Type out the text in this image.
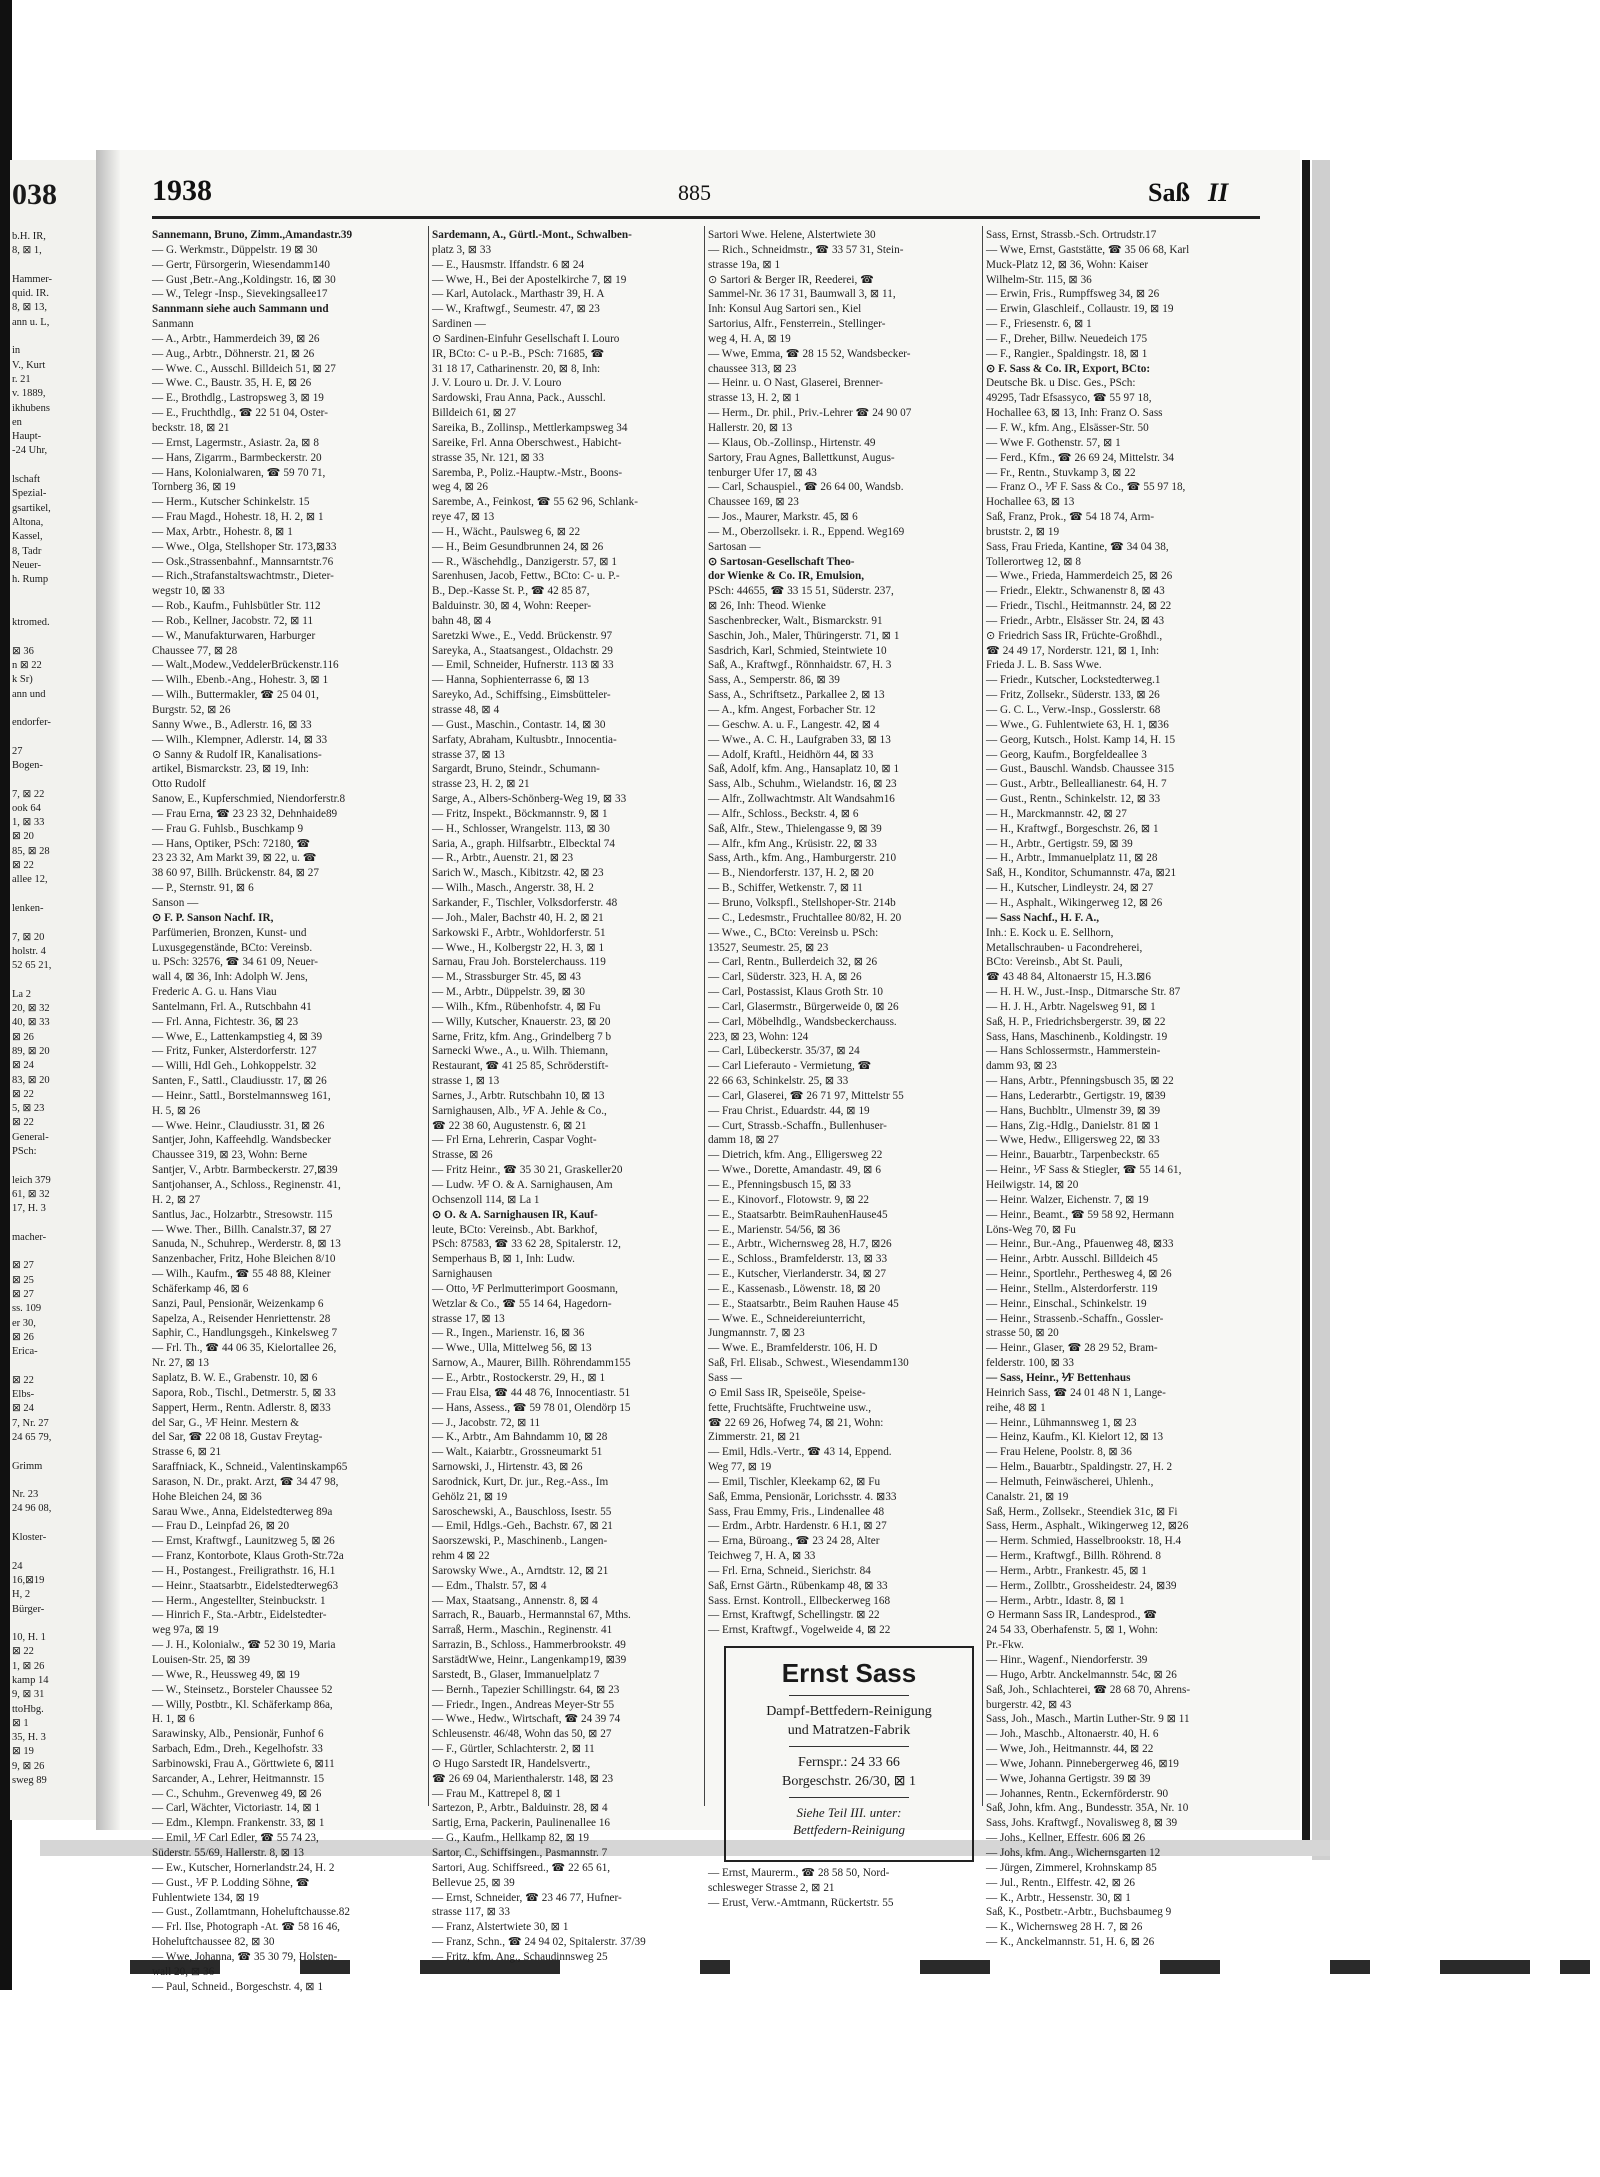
038
b.H. IR,
8, ⊠ 1,
Hammer-
quid. IR.
8, ⊠ 13,
ann u. L,
in
V., Kurt
r. 21
v. 1889,
ikhubens
en
Haupt-
-24 Uhr,
lschaft
Spezial-
gsartikel,
Altona,
Kassel,
8, Tadr
Neuer-
h. Rump
ktromed.
⊠ 36
n ⊠ 22
k Sr)
ann und
endorfer-
27
Bogen-
7, ⊠ 22
ook 64
1, ⊠ 33
⊠ 20
85, ⊠ 28
⊠ 22
allee 12,
lenken-
7, ⊠ 20
holstr. 4
52 65 21,
La 2
20, ⊠ 32
40, ⊠ 33
⊠ 26
89, ⊠ 20
⊠ 24
83, ⊠ 20
⊠ 22
5, ⊠ 23
⊠ 22
General-
PSch:
leich 379
61, ⊠ 32
17, H. 3
macher-
⊠ 27
⊠ 25
⊠ 27
ss. 109
er 30,
⊠ 26
Erica-
⊠ 22
Elbs-
⊠ 24
7, Nr. 27
24 65 79,
Grimm
Nr. 23
24 96 08,
Kloster-
24
16,⊠19
H, 2
Bürger-
10, H. 1
⊠ 22
1, ⊠ 26
kamp 14
9, ⊠ 31
ttoHbg.
⊠ 1
35, H. 3
⊠ 19
9, ⊠ 26
sweg 89
1938	885	Saß II
Sannemann, Bruno, Zimm.,Amandastr.39
— G. Werkmstr., Düppelstr. 19 ⊠ 30
— Gertr, Fürsorgerin, Wiesendamm140
— Gust ,Betr.-Ang.,Koldingstr. 16, ⊠ 30
— W., Telegr -Insp., Sievekingsallee17
Sannmann siehe auch Sammann und
Sanmann
— A., Arbtr., Hammerdeich 39, ⊠ 26
— Aug., Arbtr., Döhnerstr. 21, ⊠ 26
— Wwe. C., Ausschl. Billdeich 51, ⊠ 27
— Wwe. C., Baustr. 35, H. E, ⊠ 26
— E., Brothdlg., Lastropsweg 3, ⊠ 19
— E., Fruchthdlg., ☎ 22 51 04, Oster-
beckstr. 18, ⊠ 21
— Ernst, Lagermstr., Asiastr. 2a, ⊠ 8
— Hans, Zigarrm., Barmbeckerstr. 20
— Hans, Kolonialwaren, ☎ 59 70 71,
Tornberg 36, ⊠ 19
— Herm., Kutscher Schinkelstr. 15
— Frau Magd., Hohestr. 18, H. 2, ⊠ 1
— Max, Arbtr., Hohestr. 8, ⊠ 1
— Wwe., Olga, Stellshoper Str. 173,⊠33
— Osk.,Strassenbahnf., Mannsarntstr.76
— Rich.,Strafanstaltswachtmstr., Dieter-
wegstr 10, ⊠ 33
— Rob., Kaufm., Fuhlsbütler Str. 112
— Rob., Kellner, Jacobstr. 72, ⊠ 11
— W., Manufakturwaren, Harburger
Chaussee 77, ⊠ 28
— Walt.,Modew.,VeddelerBrückenstr.116
— Wilh., Ebenb.-Ang., Hohestr. 3, ⊠ 1
— Wilh., Buttermakler, ☎ 25 04 01,
Burgstr. 52, ⊠ 26
Sanny Wwe., B., Adlerstr. 16, ⊠ 33
— Wilh., Klempner, Adlerstr. 14, ⊠ 33
⊙ Sanny & Rudolf IR, Kanalisations-
artikel, Bismarckstr. 23, ⊠ 19, Inh:
Otto Rudolf
Sanow, E., Kupferschmied, Niendorferstr.8
— Frau Erna, ☎ 23 23 32, Dehnhaide89
— Frau G. Fuhlsb., Buschkamp 9
— Hans, Optiker, PSch: 72180, ☎
23 23 32, Am Markt 39, ⊠ 22, u. ☎
38 60 97, Billh. Brückenstr. 84, ⊠ 27
— P., Sternstr. 91, ⊠ 6
Sanson —
⊙ F. P. Sanson Nachf. IR,
Parfümerien, Bronzen, Kunst- und
Luxusgegenstände, BCto: Vereinsb.
u. PSch: 32576, ☎ 34 61 09, Neuer-
wall 4, ⊠ 36, Inh: Adolph W. Jens,
Frederic A. G. u. Hans Viau
Santelmann, Frl. A., Rutschbahn 41
— Frl. Anna, Fichtestr. 36, ⊠ 23
— Wwe, E., Lattenkampstieg 4, ⊠ 39
— Fritz, Funker, Alsterdorferstr. 127
— Willi, Hdl Geh., Lohkoppelstr. 32
Santen, F., Sattl., Claudiusstr. 17, ⊠ 26
— Heinr., Sattl., Borstelmannsweg 161,
H. 5, ⊠ 26
— Wwe. Heinr., Claudiusstr. 31, ⊠ 26
Santjer, John, Kaffeehdlg. Wandsbecker
Chaussee 319, ⊠ 23, Wohn: Berne
Santjer, V., Arbtr. Barmbeckerstr. 27,⊠39
Santjohanser, A., Schloss., Reginenstr. 41,
H. 2, ⊠ 27
Santlus, Jac., Holzarbtr., Stresowstr. 115
— Wwe. Ther., Billh. Canalstr.37, ⊠ 27
Sanuda, N., Schuhrep., Werderstr. 8, ⊠ 13
Sanzenbacher, Fritz, Hohe Bleichen 8/10
— Wilh., Kaufm., ☎ 55 48 88, Kleiner
Schäferkamp 46, ⊠ 6
Sanzi, Paul, Pensionär, Weizenkamp 6
Sapelza, A., Reisender Henriettenstr. 28
Saphir, C., Handlungsgeh., Kinkelsweg 7
— Frl. Th., ☎ 44 06 35, Kielortallee 26,
Nr. 27, ⊠ 13
Saplatz, B. W. E., Grabenstr. 10, ⊠ 6
Sapora, Rob., Tischl., Detmerstr. 5, ⊠ 33
Sappert, Herm., Rentn. Adlerstr. 8, ⊠33
del Sar, G., ⅟F Heinr. Mestern &
del Sar, ☎ 22 08 18, Gustav Freytag-
Strasse 6, ⊠ 21
Saraffniack, K., Schneid., Valentinskamp65
Sarason, N. Dr., prakt. Arzt, ☎ 34 47 98,
Hohe Bleichen 24, ⊠ 36
Sarau Wwe., Anna, Eidelstedterweg 89a
— Frau D., Leinpfad 26, ⊠ 20
— Ernst, Kraftwgf., Launitzweg 5, ⊠ 26
— Franz, Kontorbote, Klaus Groth-Str.72a
— H., Postangest., Freiligrathstr. 16, H.1
— Heinr., Staatsarbtr., Eidelstedterweg63
— Herm., Angestellter, Steinbuckstr. 1
— Hinrich F., Sta.-Arbtr., Eidelstedter-
weg 97a, ⊠ 19
— J. H., Kolonialw., ☎ 52 30 19, Maria
Louisen-Str. 25, ⊠ 39
— Wwe, R., Heussweg 49, ⊠ 19
— W., Steinsetz., Borsteler Chaussee 52
— Willy, Postbtr., Kl. Schäferkamp 86a,
H. 1, ⊠ 6
Sarawinsky, Alb., Pensionär, Funhof 6
Sarbach, Edm., Dreh., Kegelhofstr. 33
Sarbinowski, Frau A., Görttwiete 6, ⊠11
Sarcander, A., Lehrer, Heitmannstr. 15
— C., Schuhm., Grevenweg 49, ⊠ 26
— Carl, Wächter, Victoriastr. 14, ⊠ 1
— Edm., Klempn. Frankenstr. 33, ⊠ 1
— Emil, ⅟F Carl Edler, ☎ 55 74 23,
Süderstr. 55/69, Hallerstr. 8, ⊠ 13
— Ew., Kutscher, Hornerlandstr.24, H. 2
— Gust., ⅟F P. Lodding Söhne, ☎
Fuhlentwiete 134, ⊠ 19
— Gust., Zollamtmann, Hoheluftchausse.82
— Frl. Ilse, Photograph -At. ☎ 58 16 46,
Hoheluftchaussee 82, ⊠ 30
— Wwe, Johanna, ☎ 35 30 79, Holsten-
wall 20, ⊠ 36
— Paul, Schneid., Borgeschstr. 4, ⊠ 1
Sardemann, A., Gürtl.-Mont., Schwalben-
platz 3, ⊠ 33
— E., Hausmstr. Iffandstr. 6 ⊠ 24
— Wwe, H., Bei der Apostelkirche 7, ⊠ 19
— Karl, Autolack., Marthastr 39, H. A
— W., Kraftwgf., Seumestr. 47, ⊠ 23
Sardinen —
⊙ Sardinen-Einfuhr Gesellschaft I. Louro
IR, BCto: C- u P.-B., PSch: 71685, ☎
31 18 17, Catharinenstr. 20, ⊠ 8, Inh:
J. V. Louro u. Dr. J. V. Louro
Sardowski, Frau Anna, Pack., Ausschl.
Billdeich 61, ⊠ 27
Sareika, B., Zollinsp., Mettlerkampsweg 34
Sareike, Frl. Anna Oberschwest., Habicht-
strasse 35, Nr. 121, ⊠ 33
Saremba, P., Poliz.-Hauptw.-Mstr., Boons-
weg 4, ⊠ 26
Sarembe, A., Feinkost, ☎ 55 62 96, Schlank-
reye 47, ⊠ 13
— H., Wächt., Paulsweg 6, ⊠ 22
— H., Beim Gesundbrunnen 24, ⊠ 26
— R., Wäschehdlg., Danzigerstr. 57, ⊠ 1
Sarenhusen, Jacob, Fettw., BCto: C- u. P.-
B., Dep.-Kasse St. P., ☎ 42 85 87,
Balduinstr. 30, ⊠ 4, Wohn: Reeper-
bahn 48, ⊠ 4
Saretzki Wwe., E., Vedd. Brückenstr. 97
Sareyka, A., Staatsangest., Oldachstr. 29
— Emil, Schneider, Hufnerstr. 113 ⊠ 33
— Hanna, Sophienterrasse 6, ⊠ 13
Sareyko, Ad., Schiffsing., Eimsbütteler-
strasse 48, ⊠ 4
— Gust., Maschin., Contastr. 14, ⊠ 30
Sarfaty, Abraham, Kultusbtr., Innocentia-
strasse 37, ⊠ 13
Sargardt, Bruno, Steindr., Schumann-
strasse 23, H. 2, ⊠ 21
Sarge, A., Albers-Schönberg-Weg 19, ⊠ 33
— Fritz, Inspekt., Böckmannstr. 9, ⊠ 1
— H., Schlosser, Wrangelstr. 113, ⊠ 30
Saria, A., graph. Hilfsarbtr., Elbecktal 74
— R., Arbtr., Auenstr. 21, ⊠ 23
Sarich W., Masch., Kibitzstr. 42, ⊠ 23
— Wilh., Masch., Angerstr. 38, H. 2
Sarkander, F., Tischler, Volksdorferstr. 48
— Joh., Maler, Bachstr 40, H. 2, ⊠ 21
Sarkowski F., Arbtr., Wohldorferstr. 51
— Wwe., H., Kolbergstr 22, H. 3, ⊠ 1
Sarnau, Frau Joh. Borstelerchauss. 119
— M., Strassburger Str. 45, ⊠ 43
— M., Arbtr., Düppelstr. 39, ⊠ 30
— Wilh., Kfm., Rübenhofstr. 4, ⊠ Fu
— Willy, Kutscher, Knauerstr. 23, ⊠ 20
Sarne, Fritz, kfm. Ang., Grindelberg 7 b
Sarnecki Wwe., A., u. Wilh. Thiemann,
Restaurant, ☎ 41 25 85, Schröderstift-
strasse 1, ⊠ 13
Sarnes, J., Arbtr. Rutschbahn 10, ⊠ 13
Sarnighausen, Alb., ⅟F A. Jehle & Co.,
☎ 22 38 60, Augustenstr. 6, ⊠ 21
— Frl Erna, Lehrerin, Caspar Voght-
Strasse, ⊠ 26
— Fritz Heinr., ☎ 35 30 21, Graskeller20
— Ludw. ⅟F O. & A. Sarnighausen, Am
Ochsenzoll 114, ⊠ La 1
⊙ O. & A. Sarnighausen IR, Kauf-
leute, BCto: Vereinsb., Abt. Barkhof,
PSch: 87583, ☎ 33 62 28, Spitalerstr. 12,
Semperhaus B, ⊠ 1, Inh: Ludw.
Sarnighausen
— Otto, ⅟F Perlmutterimport Goosmann,
Wetzlar & Co., ☎ 55 14 64, Hagedorn-
strasse 17, ⊠ 13
— R., Ingen., Marienstr. 16, ⊠ 36
— Wwe., Ulla, Mittelweg 56, ⊠ 13
Sarnow, A., Maurer, Billh. Röhrendamm155
— E., Arbtr., Rostockerstr. 29, H., ⊠ 1
— Frau Elsa, ☎ 44 48 76, Innocentiastr. 51
— Hans, Assess., ☎ 59 78 01, Olendörp 15
— J., Jacobstr. 72, ⊠ 11
— K., Arbtr., Am Bahndamm 10, ⊠ 28
— Walt., Kaiarbtr., Grossneumarkt 51
Sarnowski, J., Hirtenstr. 43, ⊠ 26
Sarodnick, Kurt, Dr. jur., Reg.-Ass., Im
Gehölz 21, ⊠ 19
Saroschewski, A., Bauschloss, Isestr. 55
— Emil, Hdlgs.-Geh., Bachstr. 67, ⊠ 21
Saorszewski, P., Maschinenb., Langen-
rehm 4 ⊠ 22
Sarowsky Wwe., A., Arndtstr. 12, ⊠ 21
— Edm., Thalstr. 57, ⊠ 4
— Max, Staatsang., Annenstr. 8, ⊠ 4
Sarrach, R., Bauarb., Hermannstal 67, Mths.
Sarraß, Herm., Maschin., Reginenstr. 41
Sarrazin, B., Schloss., Hammerbrookstr. 49
SarstädtWwe, Heinr., Langenkamp19, ⊠39
Sarstedt, B., Glaser, Immanuelplatz 7
— Bernh., Tapezier Schillingstr. 64, ⊠ 23
— Friedr., Ingen., Andreas Meyer-Str 55
— Wwe., Hedw., Wirtschaft, ☎ 24 39 74
Schleusenstr. 46/48, Wohn das 50, ⊠ 27
— F., Gürtler, Schlachterstr. 2, ⊠ 11
⊙ Hugo Sarstedt IR, Handelsvertr.,
☎ 26 69 04, Marienthalerstr. 148, ⊠ 23
— Frau M., Kattrepel 8, ⊠ 1
Sartezon, P., Arbtr., Balduinstr. 28, ⊠ 4
Sartig, Erna, Packerin, Paulinenallee 16
— G., Kaufm., Hellkamp 82, ⊠ 19
Sartor, C., Schiffsingen., Pasmannstr. 7
Sartori, Aug. Schiffsreed., ☎ 22 65 61,
Bellevue 25, ⊠ 39
— Ernst, Schneider, ☎ 23 46 77, Hufner-
strasse 117, ⊠ 33
— Franz, Alstertwiete 30, ⊠ 1
— Franz, Schn., ☎ 24 94 02, Spitalerstr. 37/39
— Fritz, kfm. Ang., Schaudinnsweg 25
Sartori Wwe. Helene, Alstertwiete 30
— Rich., Schneidmstr., ☎ 33 57 31, Stein-
strasse 19a, ⊠ 1
⊙ Sartori & Berger IR, Reederei, ☎
Sammel-Nr. 36 17 31, Baumwall 3, ⊠ 11,
Inh: Konsul Aug Sartori sen., Kiel
Sartorius, Alfr., Fensterrein., Stellinger-
weg 4, H. A, ⊠ 19
— Wwe, Emma, ☎ 28 15 52, Wandsbecker-
chaussee 313, ⊠ 23
— Heinr. u. O Nast, Glaserei, Brenner-
strasse 13, H. 2, ⊠ 1
— Herm., Dr. phil., Priv.-Lehrer ☎ 24 90 07
Hallerstr. 20, ⊠ 13
— Klaus, Ob.-Zollinsp., Hirtenstr. 49
Sartory, Frau Agnes, Ballettkunst, Augus-
tenburger Ufer 17, ⊠ 43
— Carl, Schauspiel., ☎ 26 64 00, Wandsb.
Chaussee 169, ⊠ 23
— Jos., Maurer, Markstr. 45, ⊠ 6
— M., Oberzollsekr. i. R., Eppend. Weg169
Sartosan —
⊙ Sartosan-Gesellschaft Theo-
dor Wienke & Co. IR, Emulsion,
PSch: 44655, ☎ 33 15 51, Süderstr. 237,
⊠ 26, Inh: Theod. Wienke
Saschenbrecker, Walt., Bismarckstr. 91
Saschin, Joh., Maler, Thüringerstr. 71, ⊠ 1
Sasdrich, Karl, Schmied, Steintwiete 10
Saß, A., Kraftwgf., Rönnhaidstr. 67, H. 3
Sass, A., Semperstr. 86, ⊠ 39
Sass, A., Schriftsetz., Parkallee 2, ⊠ 13
— A., kfm. Angest, Forbacher Str. 12
— Geschw. A. u. F., Langestr. 42, ⊠ 4
— Wwe., A. C. H., Laufgraben 33, ⊠ 13
— Adolf, Kraftl., Heidhörn 44, ⊠ 33
Saß, Adolf, kfm. Ang., Hansaplatz 10, ⊠ 1
Sass, Alb., Schuhm., Wielandstr. 16, ⊠ 23
— Alfr., Zollwachtmstr. Alt Wandsahm16
— Alfr., Schloss., Beckstr. 4, ⊠ 6
Saß, Alfr., Stew., Thielengasse 9, ⊠ 39
— Alfr., kfm Ang., Krüsistr. 22, ⊠ 33
Sass, Arth., kfm. Ang., Hamburgerstr. 210
— B., Niendorferstr. 137, H. 2, ⊠ 20
— B., Schiffer, Wetkenstr. 7, ⊠ 11
— Bruno, Volkspfl., Stellshoper-Str. 214b
— C., Ledesmstr., Fruchtallee 80/82, H. 20
— Wwe., C., BCto: Vereinsb u. PSch:
13527, Seumestr. 25, ⊠ 23
— Carl, Rentn., Bullerdeich 32, ⊠ 26
— Carl, Süderstr. 323, H. A, ⊠ 26
— Carl, Postassist, Klaus Groth Str. 10
— Carl, Glasermstr., Bürgerweide 0, ⊠ 26
— Carl, Möbelhdlg., Wandsbeckerchauss.
223, ⊠ 23, Wohn: 124
— Carl, Lübeckerstr. 35/37, ⊠ 24
— Carl Lieferauto - Vermietung, ☎
22 66 63, Schinkelstr. 25, ⊠ 33
— Carl, Glaserei, ☎ 26 71 97, Mittelstr 55
— Frau Christ., Eduardstr. 44, ⊠ 19
— Curt, Strassb.-Schaffn., Bullenhuser-
damm 18, ⊠ 27
— Dietrich, kfm. Ang., Elligersweg 22
— Wwe., Dorette, Amandastr. 49, ⊠ 6
— E., Pfenningsbusch 15, ⊠ 33
— E., Kinovorf., Flotowstr. 9, ⊠ 22
— E., Staatsarbtr. BeimRauhenHause45
— E., Marienstr. 54/56, ⊠ 36
— E., Arbtr., Wichernsweg 28, H.7, ⊠26
— E., Schloss., Bramfelderstr. 13, ⊠ 33
— E., Kutscher, Vierlanderstr. 34, ⊠ 27
— E., Kassenasb., Löwenstr. 18, ⊠ 20
— E., Staatsarbtr., Beim Rauhen Hause 45
— Wwe. E., Schneidereiunterricht,
Jungmannstr. 7, ⊠ 23
— Wwe. E., Bramfelderstr. 106, H. D
Saß, Frl. Elisab., Schwest., Wiesendamm130
Sass —
⊙ Emil Sass IR, Speiseöle, Speise-
fette, Fruchtsäfte, Fruchtweine usw.,
☎ 22 69 26, Hofweg 74, ⊠ 21, Wohn:
Zimmerstr. 21, ⊠ 21
— Emil, Hdls.-Vertr., ☎ 43 14, Eppend.
Weg 77, ⊠ 19
— Emil, Tischler, Kleekamp 62, ⊠ Fu
Saß, Emma, Pensionär, Lorichsstr. 4. ⊠33
Sass, Frau Emmy, Fris., Lindenallee 48
— Erdm., Arbtr. Hardenstr. 6 H.1, ⊠ 27
— Erna, Büroang., ☎ 23 24 28, Alter
Teichweg 7, H. A, ⊠ 33
— Frl. Erna, Schneid., Sierichstr. 84
Saß, Ernst Gärtn., Rübenkamp 48, ⊠ 33
Sass. Ernst. Kontroll., Ellbeckerweg 168
— Ernst, Kraftwgf, Schellingstr. ⊠ 22
— Ernst, Kraftwgf., Vogelweide 4, ⊠ 22
Sass, Ernst, Strassb.-Sch. Ortrudstr.17
— Wwe, Ernst, Gaststätte, ☎ 35 06 68, Karl
Muck-Platz 12, ⊠ 36, Wohn: Kaiser
Wilhelm-Str. 115, ⊠ 36
— Erwin, Fris., Rumpffsweg 34, ⊠ 26
— Erwin, Glaschleif., Collaustr. 19, ⊠ 19
— F., Friesenstr. 6, ⊠ 1
— F., Dreher, Billw. Neuedeich 175
— F., Rangier., Spaldingstr. 18, ⊠ 1
⊙ F. Sass & Co. IR, Export, BCto:
Deutsche Bk. u Disc. Ges., PSch:
49295, Tadr Efsassyco, ☎ 55 97 18,
Hochallee 63, ⊠ 13, Inh: Franz O. Sass
— F. W., kfm. Ang., Elsässer-Str. 50
— Wwe F. Gothenstr. 57, ⊠ 1
— Ferd., Kfm., ☎ 26 69 24, Mittelstr. 34
— Fr., Rentn., Stuvkamp 3, ⊠ 22
— Franz O., ⅟F F. Sass & Co., ☎ 55 97 18,
Hochallee 63, ⊠ 13
Saß, Franz, Prok., ☎ 54 18 74, Arm-
bruststr. 2, ⊠ 19
Sass, Frau Frieda, Kantine, ☎ 34 04 38,
Tollerortweg 12, ⊠ 8
— Wwe., Frieda, Hammerdeich 25, ⊠ 26
— Friedr., Elektr., Schwanenstr 8, ⊠ 43
— Friedr., Tischl., Heitmannstr. 24, ⊠ 22
— Friedr., Arbtr., Elsässer Str. 24, ⊠ 43
⊙ Friedrich Sass IR, Früchte-Großhdl.,
☎ 24 49 17, Norderstr. 121, ⊠ 1, Inh:
Frieda J. L. B. Sass Wwe.
— Friedr., Kutscher, Lockstedterweg.1
— Fritz, Zollsekr., Süderstr. 133, ⊠ 26
— G. C. L., Verw.-Insp., Gosslerstr. 68
— Wwe., G. Fuhlentwiete 63, H. 1, ⊠36
— Georg, Kutsch., Holst. Kamp 14, H. 15
— Georg, Kaufm., Borgfeldeallee 3
— Gust., Bauschl. Wandsb. Chaussee 315
— Gust., Arbtr., Belleallianestr. 64, H. 7
— Gust., Rentn., Schinkelstr. 12, ⊠ 33
— H., Marckmannstr. 42, ⊠ 27
— H., Kraftwgf., Borgeschstr. 26, ⊠ 1
— H., Arbtr., Gertigstr. 59, ⊠ 39
— H., Arbtr., Immanuelplatz 11, ⊠ 28
Saß, H., Konditor, Schumannstr. 47a, ⊠21
— H., Kutscher, Lindleystr. 24, ⊠ 27
— H., Asphalt., Wikingerweg 12, ⊠ 26
— Sass Nachf., H. F. A.,
Inh.: E. Kock u. E. Sellhorn,
Metallschrauben- u Facondreherei,
BCto: Vereinsb., Abt St. Pauli,
☎ 43 48 84, Altonaerstr 15, H.3.⊠6
— H. H. W., Just.-Insp., Ditmarsche Str. 87
— H. J. H., Arbtr. Nagelsweg 91, ⊠ 1
Saß, H. P., Friedrichsbergerstr. 39, ⊠ 22
Sass, Hans, Maschinenb., Koldingstr. 19
— Hans Schlossermstr., Hammerstein-
damm 93, ⊠ 23
— Hans, Arbtr., Pfenningsbusch 35, ⊠ 22
— Hans, Lederarbtr., Gertigstr. 19, ⊠39
— Hans, Buchbltr., Ulmenstr 39, ⊠ 39
— Hans, Zig.-Hdlg., Danielstr. 81 ⊠ 1
— Wwe, Hedw., Elligersweg 22, ⊠ 33
— Heinr., Bauarbtr., Tarpenbeckstr. 65
— Heinr., ⅟F Sass & Stiegler, ☎ 55 14 61,
Heilwigstr. 14, ⊠ 20
— Heinr. Walzer, Eichenstr. 7, ⊠ 19
— Heinr., Beamt., ☎ 59 58 92, Hermann
Löns-Weg 70, ⊠ Fu
— Heinr., Bur.-Ang., Pfauenweg 48, ⊠33
— Heinr., Arbtr. Ausschl. Billdeich 45
— Heinr., Sportlehr., Perthesweg 4, ⊠ 26
— Heinr., Stellm., Alsterdorferstr. 119
— Heinr., Einschal., Schinkelstr. 19
— Heinr., Strassenb.-Schaffn., Gossler-
strasse 50, ⊠ 20
— Heinr., Glaser, ☎ 28 29 52, Bram-
felderstr. 100, ⊠ 33
— Sass, Heinr., ⅟F Bettenhaus
Heinrich Sass, ☎ 24 01 48 N 1, Lange-
reihe, 48 ⊠ 1
— Heinr., Lühmannsweg 1, ⊠ 23
— Heinz, Kaufm., Kl. Kielort 12, ⊠ 13
— Frau Helene, Poolstr. 8, ⊠ 36
— Helm., Bauarbtr., Spaldingstr. 27, H. 2
— Helmuth, Feinwäscherei, Uhlenh.,
Canalstr. 21, ⊠ 19
Saß, Herm., Zollsekr., Steendiek 31c, ⊠ Fi
Sass, Herm., Asphalt., Wikingerweg 12, ⊠26
— Herm. Schmied, Hasselbrookstr. 18, H.4
— Herm., Kraftwgf., Billh. Röhrend. 8
— Herm., Arbtr., Frankestr. 45, ⊠ 1
— Herm., Zollbtr., Grossheidestr. 24, ⊠39
— Herm., Arbtr., Idastr. 8, ⊠ 1
⊙ Hermann Sass IR, Landesprod., ☎
24 54 33, Oberhafenstr. 5, ⊠ 1, Wohn:
Pr.-Fkw.
— Hinr., Wagenf., Niendorferstr. 39
— Hugo, Arbtr. Anckelmannstr. 54c, ⊠ 26
Saß, Joh., Schlachterei, ☎ 28 68 70, Ahrens-
burgerstr. 42, ⊠ 43
Sass, Joh., Masch., Martin Luther-Str. 9 ⊠ 11
— Joh., Maschb., Altonaerstr. 40, H. 6
— Wwe, Joh., Heitmannstr. 44, ⊠ 22
— Wwe, Johann. Pinnebergerweg 46, ⊠19
— Wwe, Johanna Gertigstr. 39 ⊠ 39
— Johannes, Rentn., Eckernförderstr. 90
Saß, John, kfm. Ang., Bundesstr. 35A, Nr. 10
Sass, Johs. Kraftwgf., Novalisweg 8, ⊠ 39
— Johs., Kellner, Effestr. 606 ⊠ 26
— Johs, kfm. Ang., Wichernsgarten 12
— Jürgen, Zimmerel, Krohnskamp 85
— Jul., Rentn., Elffestr. 42, ⊠ 26
— K., Arbtr., Hessenstr. 30, ⊠ 1
Saß, K., Postbetr.-Arbtr., Buchsbaumeg 9
— K., Wichernsweg 28 H. 7, ⊠ 26
— K., Anckelmannstr. 51, H. 6, ⊠ 26
Ernst Sass
Dampf-Bettfedern-Reinigung
und Matratzen-Fabrik
Fernspr.: 24 33 66
Borgeschstr. 26/30, ⊠ 1
Siehe Teil III. unter:
Bettfedern-Reinigung
— Ernst, Maurerm., ☎ 28 58 50, Nord-
schlesweger Strasse 2, ⊠ 21
— Erust, Verw.-Amtmann, Rückertstr. 55
